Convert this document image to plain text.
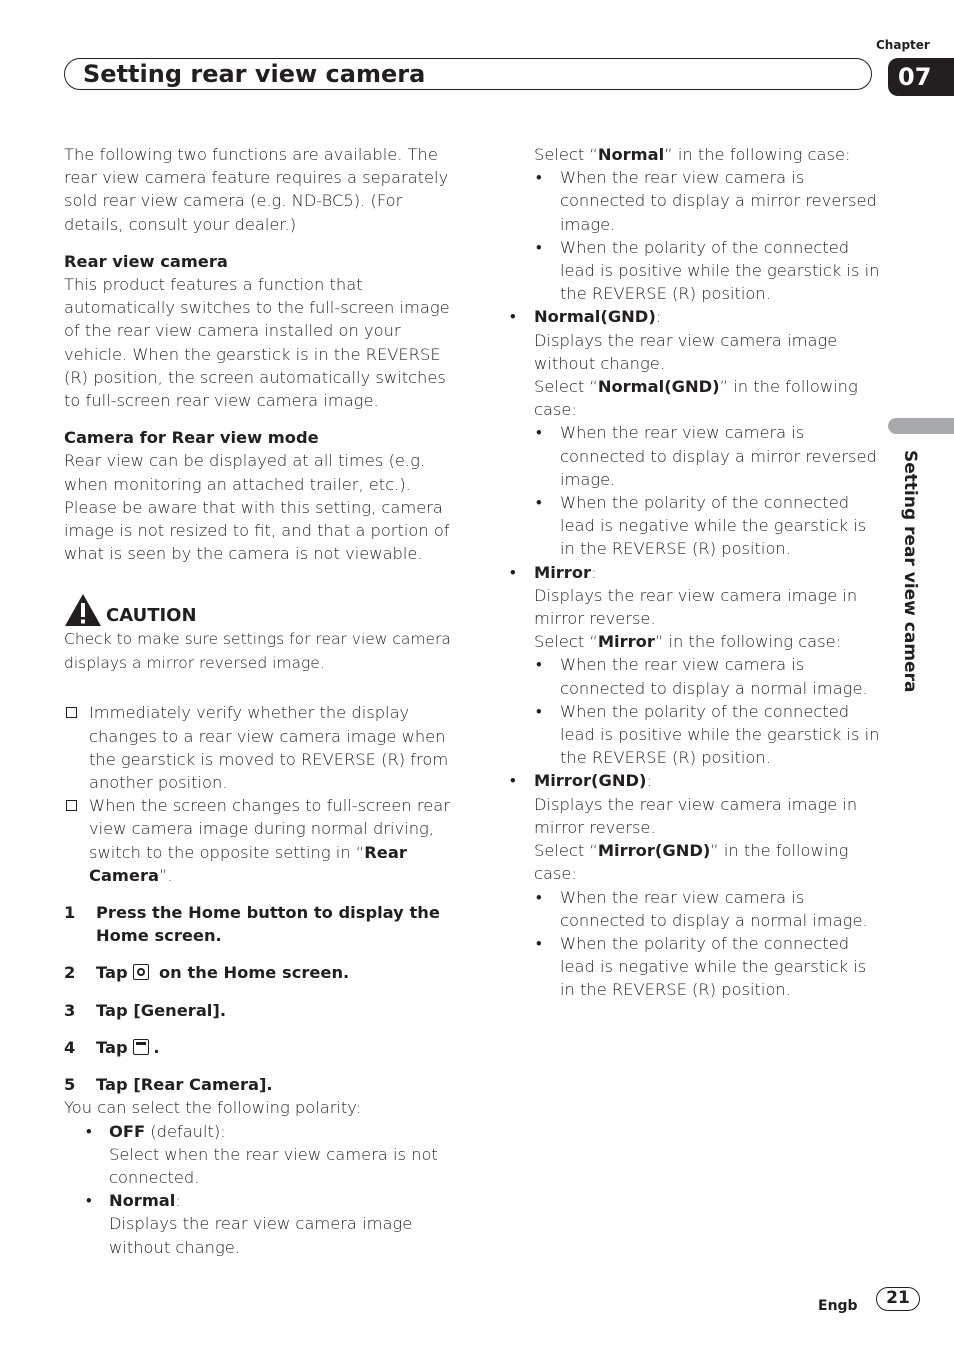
Chapter
Setting rear view camera	07
Setting rear view camera

The following two functions are available. The rear view camera feature requires a separately sold rear view camera (e.g. ND-BC5). (For details, consult your dealer.)

Rear view camera

This product features a function that automatically switches to the full-screen image of the rear view camera installed on your vehicle. When the gearstick is in the REVERSE (R) position, the screen automatically switches to full-screen rear view camera image.

Camera for Rear view mode

Rear view can be displayed at all times (e.g. when monitoring an attached trailer, etc.). Please be aware that with this setting, camera image is not resized to fit, and that a portion of what is seen by the camera is not viewable.

CAUTION

Check to make sure settings for rear view camera displays a mirror reversed image.

Immediately verify whether the display changes to a rear view camera image when the gearstick is moved to REVERSE (R) from another position.
When the screen changes to full-screen rear view camera image during normal driving, switch to the opposite setting in “Rear Camera”.
1	Press the Home button to display the Home screen.
2	Tap
on the Home screen.
3	Tap [General].
4	Tap
.
5	Tap [Rear Camera].

You can select the following polarity:

•	OFF (default):
Select when the rear view camera is not connected.
•	Normal:
Displays the rear view camera image without change.

Select “Normal” in the following case:

•	When the rear view camera is connected to display a mirror reversed image.
•	When the polarity of the connected lead is positive while the gearstick is in the REVERSE (R) position.
•	Normal(GND):

Displays the rear view camera image without change.

Select “Normal(GND)” in the following case:

•	When the rear view camera is connected to display a mirror reversed image.
•	When the polarity of the connected lead is negative while the gearstick is in the REVERSE (R) position.
•	Mirror:

Displays the rear view camera image in mirror reverse.

Select “Mirror” in the following case:

•	When the rear view camera is connected to display a normal image.
•	When the polarity of the connected lead is positive while the gearstick is in the REVERSE (R) position.
•	Mirror(GND):

Displays the rear view camera image in mirror reverse.

Select “Mirror(GND)” in the following case:

•	When the rear view camera is connected to display a normal image.
•	When the polarity of the connected lead is negative while the gearstick is in the REVERSE (R) position.
Engb	21
